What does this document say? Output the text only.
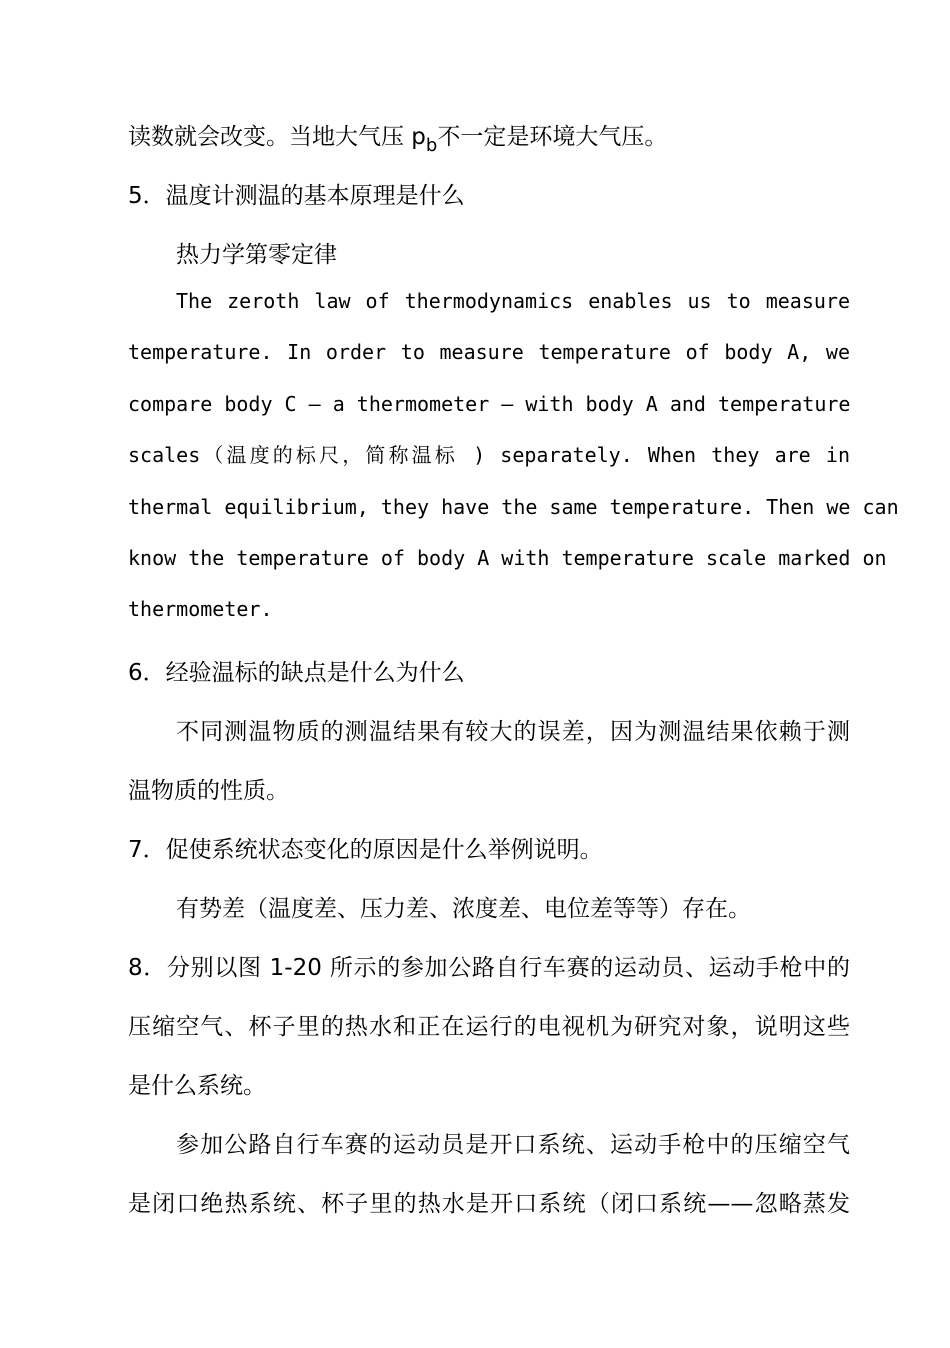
读数就会改变。当地大气压 $p_b$不一定是环境大气压。
5．温度计测温的基本原理是什么
热力学第零定律
The zeroth law of thermodynamics enables us to measure
temperature. In order to measure temperature of body A, we
compare body C — a thermometer — with body A and temperature
scales（温度的标尺，简称温标 ) separately. When they are in
thermal equilibrium, they have the same temperature. Then we can
know the temperature of body A with temperature scale marked on
thermometer.
6．经验温标的缺点是什么为什么
不同测温物质的测温结果有较大的误差，因为测温结果依赖于测
温物质的性质。
7．促使系统状态变化的原因是什么举例说明。
有势差（温度差、压力差、浓度差、电位差等等）存在。
8．分别以图 1-20 所示的参加公路自行车赛的运动员、运动手枪中的
压缩空气、杯子里的热水和正在运行的电视机为研究对象，说明这些
是什么系统。
参加公路自行车赛的运动员是开口系统、运动手枪中的压缩空气
是闭口绝热系统、杯子里的热水是开口系统（闭口系统——忽略蒸发
